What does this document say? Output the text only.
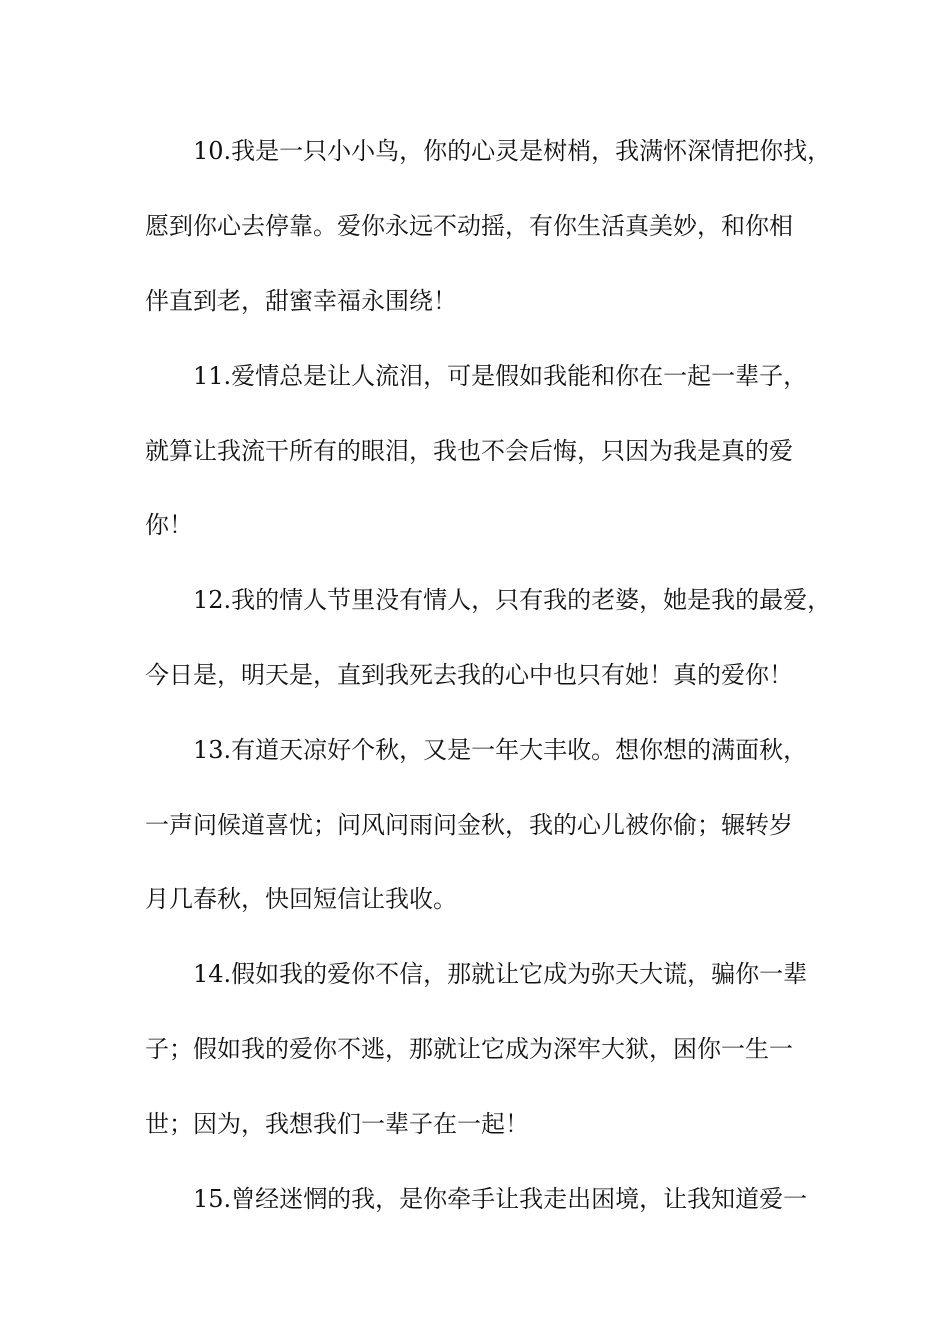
10.我是一只小小鸟，你的心灵是树梢，我满怀深情把你找，
愿到你心去停靠。爱你永远不动摇，有你生活真美妙，和你相
伴直到老，甜蜜幸福永围绕！
11.爱情总是让人流泪，可是假如我能和你在一起一辈子，
就算让我流干所有的眼泪，我也不会后悔，只因为我是真的爱
你！
12.我的情人节里没有情人，只有我的老婆，她是我的最爱，
今日是，明天是，直到我死去我的心中也只有她！真的爱你！
13.有道天凉好个秋，又是一年大丰收。想你想的满面秋，
一声问候道喜忧；问风问雨问金秋，我的心儿被你偷；辗转岁
月几春秋，快回短信让我收。
14.假如我的爱你不信，那就让它成为弥天大谎，骗你一辈
子；假如我的爱你不逃，那就让它成为深牢大狱，困你一生一
世；因为，我想我们一辈子在一起！
15.曾经迷惘的我，是你牵手让我走出困境，让我知道爱一
